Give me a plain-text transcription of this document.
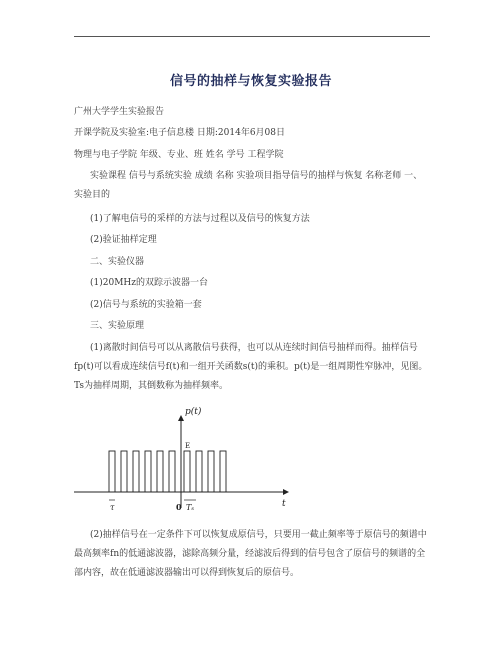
信号的抽样与恢复实验报告

广州大学学生实验报告

开课学院及实验室:电子信息楼 日期:2014年6月08日

物理与电子学院 年级、专业、班 姓名 学号 工程学院

实验课程 信号与系统实验 成绩 名称 实验项目指导信号的抽样与恢复 名称老师 一、实验目的

(1)了解电信号的采样的方法与过程以及信号的恢复方法

(2)验证抽样定理

二、实验仪器

(1)20MHz的双踪示波器一台

(2)信号与系统的实验箱一套

三、实验原理

(1)离散时间信号可以从离散信号获得，也可以从连续时间信号抽样而得。抽样信号fp(t)可以看成连续信号f(t)和一组开关函数s(t)的乘积。p(t)是一组周期性窄脉冲，见图。Ts为抽样周期，其倒数称为抽样频率。

p(t)
E
t
τ	0 Tₛ

(2)抽样信号在一定条件下可以恢复成原信号，只要用一截止频率等于原信号的频谱中最高频率fn的低通滤波器，滤除高频分量，经滤波后得到的信号包含了原信号的频谱的全部内容，故在低通滤波器输出可以得到恢复后的原信号。
